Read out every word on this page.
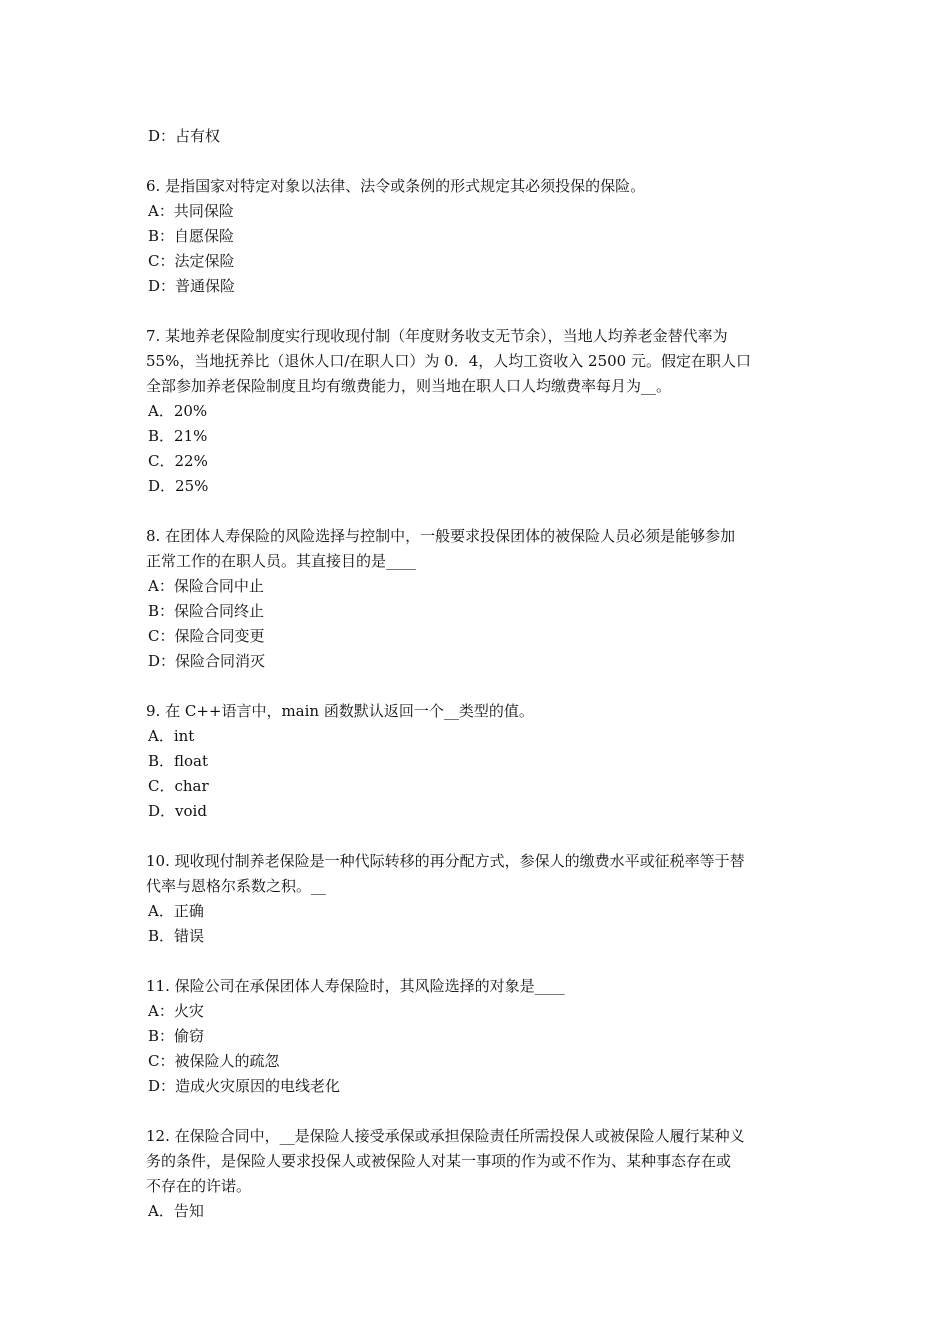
D：占有权
6. 是指国家对特定对象以法律、法令或条例的形式规定其必须投保的保险。
A：共同保险
B：自愿保险
C：法定保险
D：普通保险
7. 某地养老保险制度实行现收现付制（年度财务收支无节余），当地人均养老金替代率为
55%，当地抚养比（退休人口/在职人口）为 0．4，人均工资收入 2500 元。假定在职人口
全部参加养老保险制度且均有缴费能力，则当地在职人口人均缴费率每月为__。
A．20%
B．21%
C．22%
D．25%
8. 在团体人寿保险的风险选择与控制中，一般要求投保团体的被保险人员必须是能够参加
正常工作的在职人员。其直接目的是____
A：保险合同中止
B：保险合同终止
C：保险合同变更
D：保险合同消灭
9. 在 C++语言中，main 函数默认返回一个__类型的值。
A．int
B．float
C．char
D．void
10. 现收现付制养老保险是一种代际转移的再分配方式，参保人的缴费水平或征税率等于替
代率与恩格尔系数之积。__
A．正确
B．错误
11. 保险公司在承保团体人寿保险时，其风险选择的对象是____
A：火灾
B：偷窃
C：被保险人的疏忽
D：造成火灾原因的电线老化
12. 在保险合同中，__是保险人接受承保或承担保险责任所需投保人或被保险人履行某种义
务的条件，是保险人要求投保人或被保险人对某一事项的作为或不作为、某种事态存在或
不存在的许诺。
A．告知
